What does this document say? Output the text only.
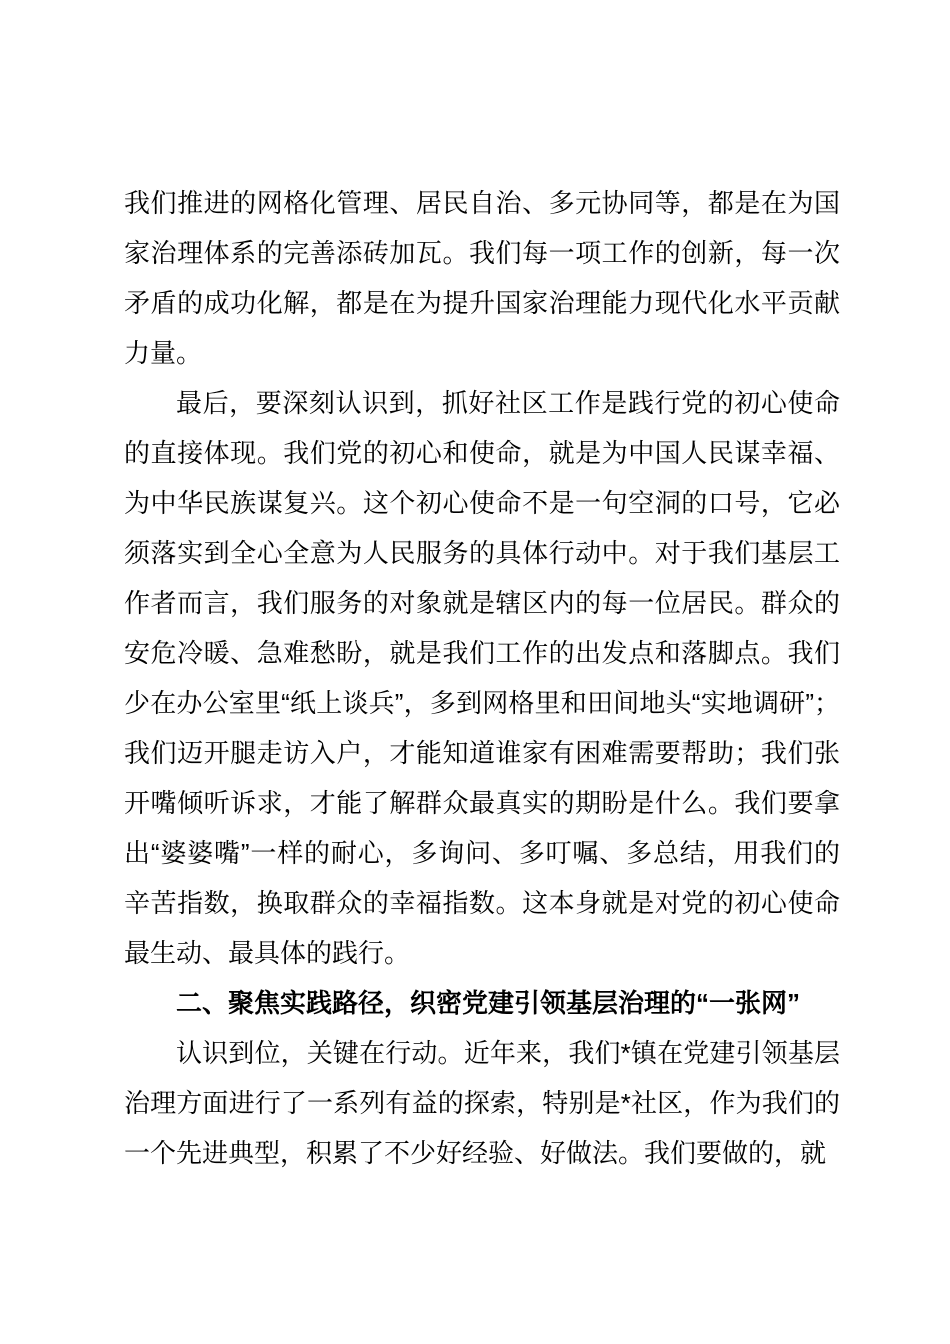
我们推进的网格化管理、居民自治、多元协同等，都是在为国家治理体系的完善添砖加瓦。我们每一项工作的创新，每一次矛盾的成功化解，都是在为提升国家治理能力现代化水平贡献力量。

最后，要深刻认识到，抓好社区工作是践行党的初心使命的直接体现。我们党的初心和使命，就是为中国人民谋幸福、为中华民族谋复兴。这个初心使命不是一句空洞的口号，它必须落实到全心全意为人民服务的具体行动中。对于我们基层工作者而言，我们服务的对象就是辖区内的每一位居民。群众的安危冷暖、急难愁盼，就是我们工作的出发点和落脚点。我们少在办公室里“纸上谈兵”，多到网格里和田间地头“实地调研”；我们迈开腿走访入户，才能知道谁家有困难需要帮助；我们张开嘴倾听诉求，才能了解群众最真实的期盼是什么。我们要拿出“婆婆嘴”一样的耐心，多询问、多叮嘱、多总结，用我们的辛苦指数，换取群众的幸福指数。这本身就是对党的初心使命最生动、最具体的践行。

二、聚焦实践路径，织密党建引领基层治理的“一张网”

认识到位，关键在行动。近年来，我们*镇在党建引领基层治理方面进行了一系列有益的探索，特别是*社区，作为我们的一个先进典型，积累了不少好经验、好做法。我们要做的，就
